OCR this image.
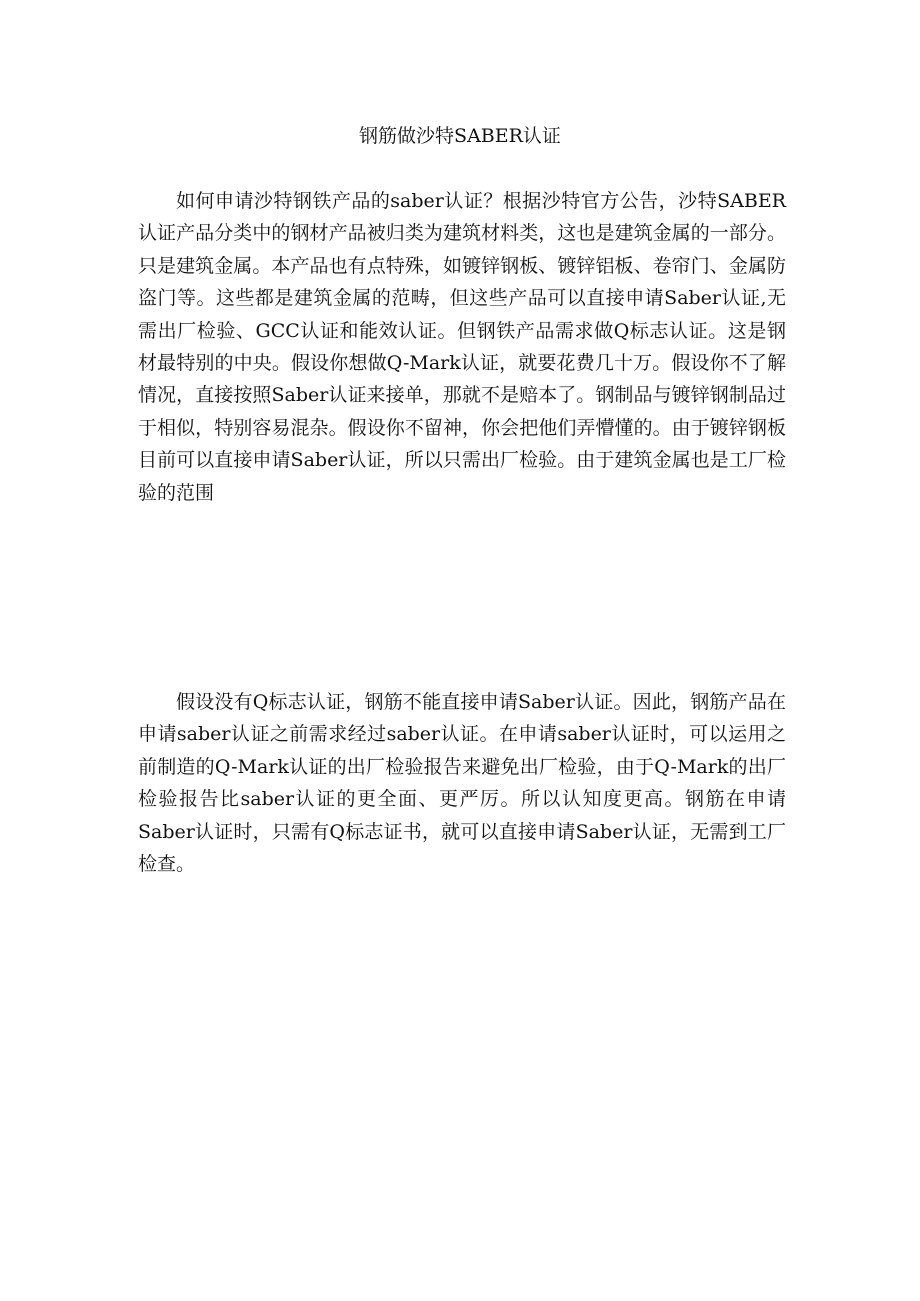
钢筋做沙特SABER认证

如何申请沙特钢铁产品的saber认证？根据沙特官方公告，沙特SABER认证产品分类中的钢材产品被归类为建筑材料类，这也是建筑金属的一部分。只是建筑金属。本产品也有点特殊，如镀锌钢板、镀锌铝板、卷帘门、金属防盗门等。这些都是建筑金属的范畴，但这些产品可以直接申请Saber认证,无需出厂检验、GCC认证和能效认证。但钢铁产品需求做Q标志认证。这是钢材最特别的中央。假设你想做Q-Mark认证，就要花费几十万。假设你不了解情况，直接按照Saber认证来接单，那就不是赔本了。钢制品与镀锌钢制品过于相似，特别容易混杂。假设你不留神，你会把他们弄懵懂的。由于镀锌钢板目前可以直接申请Saber认证，所以只需出厂检验。由于建筑金属也是工厂检验的范围

假设没有Q标志认证，钢筋不能直接申请Saber认证。因此，钢筋产品在申请saber认证之前需求经过saber认证。在申请saber认证时，可以运用之前制造的Q-Mark认证的出厂检验报告来避免出厂检验，由于Q-Mark的出厂检验报告比saber认证的更全面、更严厉。所以认知度更高。钢筋在申请Saber认证时，只需有Q标志证书，就可以直接申请Saber认证，无需到工厂检查。
